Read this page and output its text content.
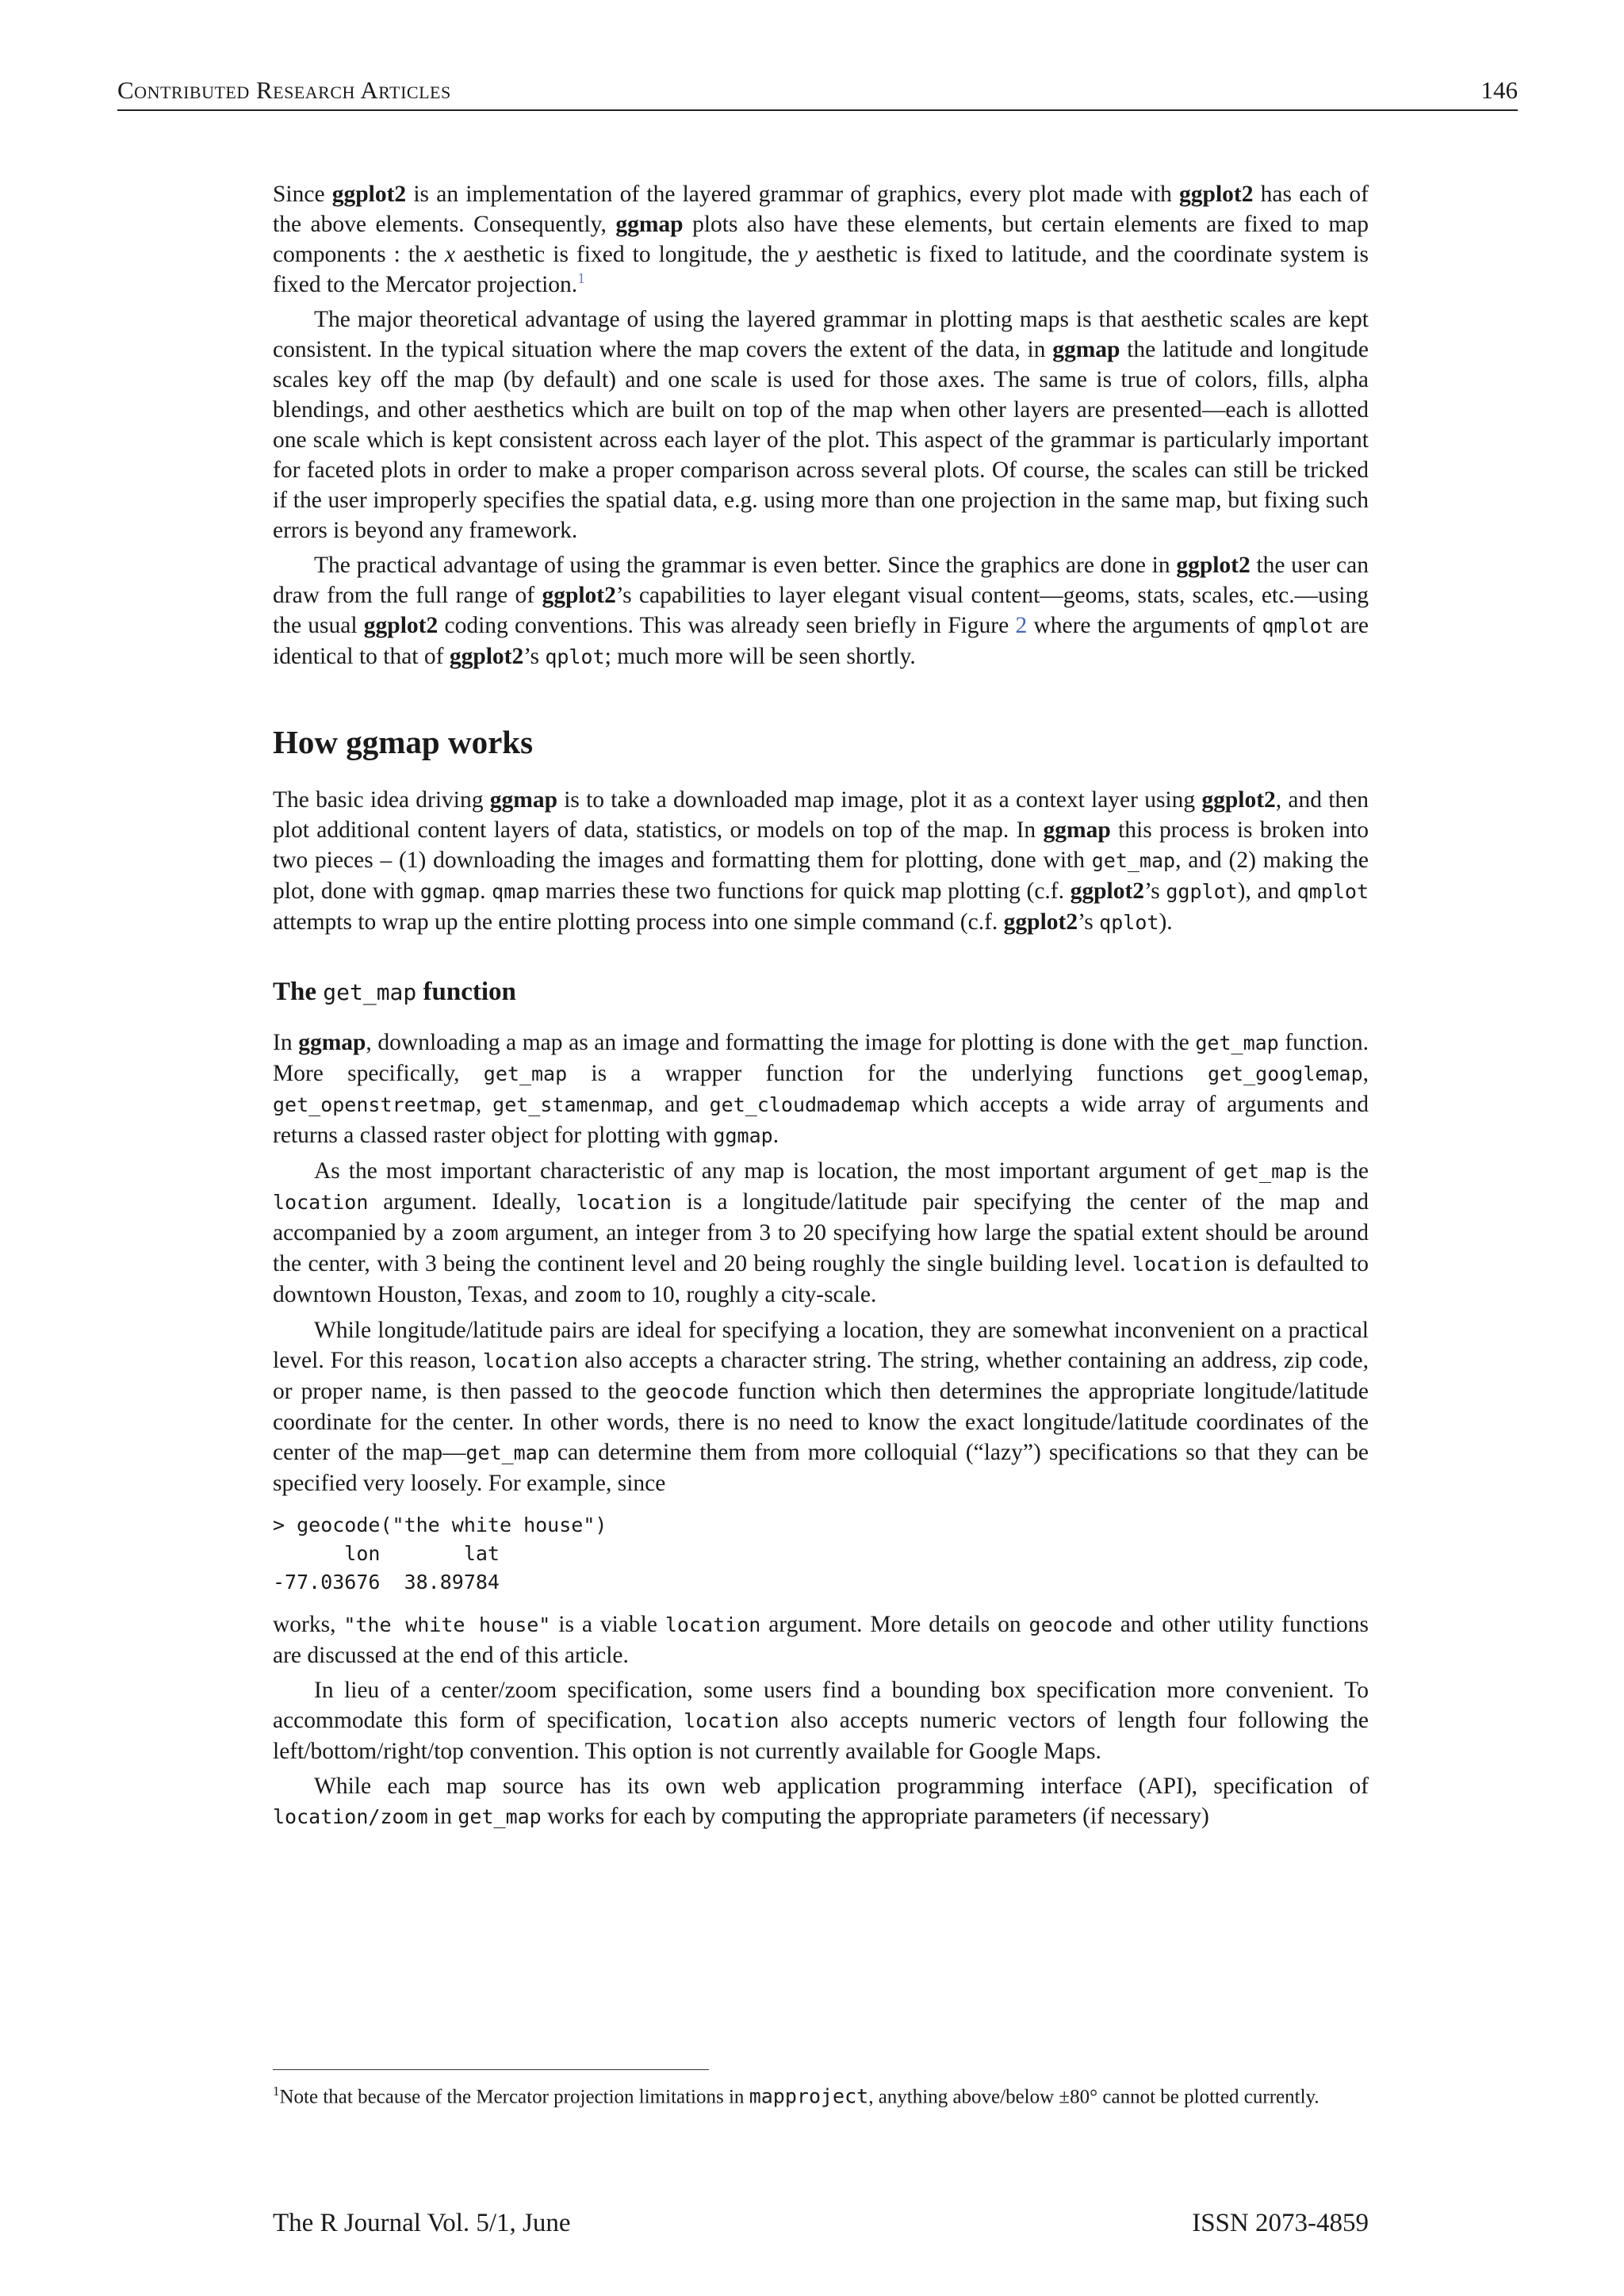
Contributed Research Articles	146

Since ggplot2 is an implementation of the layered grammar of graphics, every plot made with ggplot2 has each of the above elements. Consequently, ggmap plots also have these elements, but certain elements are fixed to map components : the x aesthetic is fixed to longitude, the y aesthetic is fixed to latitude, and the coordinate system is fixed to the Mercator projection.$^1$

The major theoretical advantage of using the layered grammar in plotting maps is that aesthetic scales are kept consistent. In the typical situation where the map covers the extent of the data, in ggmap the latitude and longitude scales key off the map (by default) and one scale is used for those axes. The same is true of colors, fills, alpha blendings, and other aesthetics which are built on top of the map when other layers are presented—each is allotted one scale which is kept consistent across each layer of the plot. This aspect of the grammar is particularly important for faceted plots in order to make a proper comparison across several plots. Of course, the scales can still be tricked if the user improperly specifies the spatial data, e.g. using more than one projection in the same map, but fixing such errors is beyond any framework.

The practical advantage of using the grammar is even better. Since the graphics are done in ggplot2 the user can draw from the full range of ggplot2’s capabilities to layer elegant visual content—geoms, stats, scales, etc.—using the usual ggplot2 coding conventions. This was already seen briefly in Figure 2 where the arguments of qmplot are identical to that of ggplot2’s qplot; much more will be seen shortly.

How ggmap works

The basic idea driving ggmap is to take a downloaded map image, plot it as a context layer using ggplot2, and then plot additional content layers of data, statistics, or models on top of the map. In ggmap this process is broken into two pieces – (1) downloading the images and formatting them for plotting, done with get_map, and (2) making the plot, done with ggmap. qmap marries these two functions for quick map plotting (c.f. ggplot2’s ggplot), and qmplot attempts to wrap up the entire plotting process into one simple command (c.f. ggplot2’s qplot).

The get_map function

In ggmap, downloading a map as an image and formatting the image for plotting is done with the get_map function. More specifically, get_map is a wrapper function for the underlying functions get_googlemap, get_openstreetmap, get_stamenmap, and get_cloudmademap which accepts a wide array of arguments and returns a classed raster object for plotting with ggmap.

As the most important characteristic of any map is location, the most important argument of get_map is the location argument. Ideally, location is a longitude/latitude pair specifying the center of the map and accompanied by a zoom argument, an integer from 3 to 20 specifying how large the spatial extent should be around the center, with 3 being the continent level and 20 being roughly the single building level. location is defaulted to downtown Houston, Texas, and zoom to 10, roughly a city-scale.

While longitude/latitude pairs are ideal for specifying a location, they are somewhat inconvenient on a practical level. For this reason, location also accepts a character string. The string, whether containing an address, zip code, or proper name, is then passed to the geocode function which then determines the appropriate longitude/latitude coordinate for the center. In other words, there is no need to know the exact longitude/latitude coordinates of the center of the map—get_map can determine them from more colloquial (“lazy”) specifications so that they can be specified very loosely. For example, since

> geocode("the white house")
lon       lat
-77.03676  38.89784

works, "the white house" is a viable location argument. More details on geocode and other utility functions are discussed at the end of this article.

In lieu of a center/zoom specification, some users find a bounding box specification more convenient. To accommodate this form of specification, location also accepts numeric vectors of length four following the left/bottom/right/top convention. This option is not currently available for Google Maps.

While each map source has its own web application programming interface (API), specification of location/zoom in get_map works for each by computing the appropriate parameters (if necessary)

$^1$Note that because of the Mercator projection limitations in mapproject, anything above/below ±80° cannot be plotted currently.
The R Journal Vol. 5/1, June	ISSN 2073-4859
